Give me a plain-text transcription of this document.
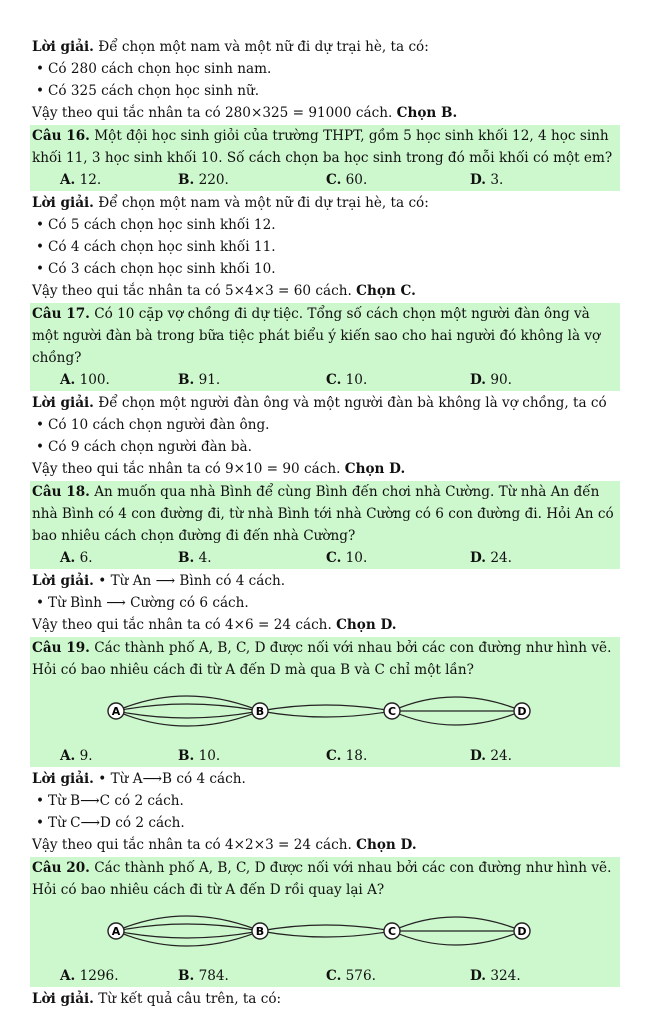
Lời giải. Để chọn một nam và một nữ đi dự trại hè, ta có:
• Có 280 cách chọn học sinh nam.
• Có 325 cách chọn học sinh nữ.
Vậy theo qui tắc nhân ta có 280×325 = 91000 cách. Chọn B.
Câu 16. Một đội học sinh giỏi của trường THPT, gồm 5 học sinh khối 12, 4 học sinh khối 11, 3 học sinh khối 10. Số cách chọn ba học sinh trong đó mỗi khối có một em?
A. 12.	B. 220.	C. 60.	D. 3.
Lời giải. Để chọn một nam và một nữ đi dự trại hè, ta có:
• Có 5 cách chọn học sinh khối 12.
• Có 4 cách chọn học sinh khối 11.
• Có 3 cách chọn học sinh khối 10.
Vậy theo qui tắc nhân ta có 5×4×3 = 60 cách. Chọn C.
Câu 17. Có 10 cặp vợ chồng đi dự tiệc. Tổng số cách chọn một người đàn ông và một người đàn bà trong bữa tiệc phát biểu ý kiến sao cho hai người đó không là vợ chồng?
A. 100.	B. 91.	C. 10.	D. 90.
Lời giải. Để chọn một người đàn ông và một người đàn bà không là vợ chồng, ta có
• Có 10 cách chọn người đàn ông.
• Có 9 cách chọn người đàn bà.
Vậy theo qui tắc nhân ta có 9×10 = 90 cách. Chọn D.
Câu 18. An muốn qua nhà Bình để cùng Bình đến chơi nhà Cường. Từ nhà An đến nhà Bình có 4 con đường đi, từ nhà Bình tới nhà Cường có 6 con đường đi. Hỏi An có bao nhiêu cách chọn đường đi đến nhà Cường?
A. 6.	B. 4.	C. 10.	D. 24.
Lời giải. • Từ An ⟶ Bình có 4 cách.
• Từ Bình ⟶ Cường có 6 cách.
Vậy theo qui tắc nhân ta có 4×6 = 24 cách. Chọn D.
Câu 19. Các thành phố A, B, C, D được nối với nhau bởi các con đường như hình vẽ. Hỏi có bao nhiêu cách đi từ A đến D mà qua B và C chỉ một lần?
A	B	C	D
A. 9.	B. 10.	C. 18.	D. 24.
Lời giải. • Từ A⟶B có 4 cách.
• Từ B⟶C có 2 cách.
• Từ C⟶D có 2 cách.
Vậy theo qui tắc nhân ta có 4×2×3 = 24 cách. Chọn D.
Câu 20. Các thành phố A, B, C, D được nối với nhau bởi các con đường như hình vẽ. Hỏi có bao nhiêu cách đi từ A đến D rồi quay lại A?
A	B	C	D
A. 1296.	B. 784.	C. 576.	D. 324.
Lời giải. Từ kết quả câu trên, ta có:
